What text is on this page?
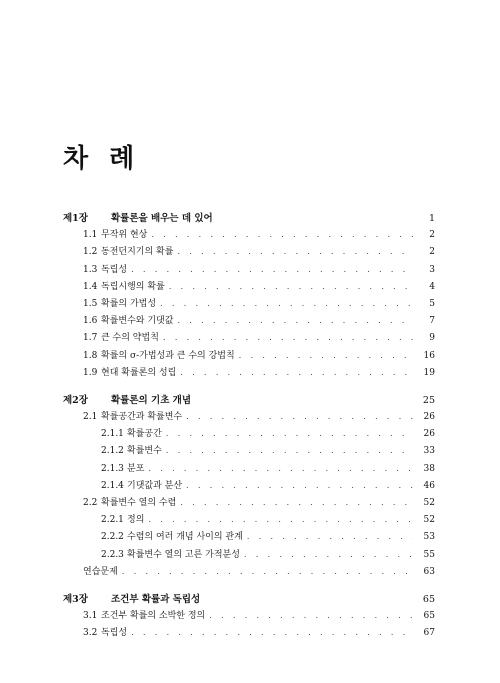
차 례
제1장	확률론을 배우는 데 있어	1
1.1 무작위 현상 . . .	2
1.2 동전던지기의 확률 . . .	2
1.3 독립성 . . .	3
1.4 독립시행의 확률 . . .	4
1.5 확률의 가법성 . . .	5
1.6 확률변수와 기댓값 . . .	7
1.7 큰 수의 약법칙 . . .	9
1.8 확률의 σ-가법성과 큰 수의 강법칙 . . .	16
1.9 현대 확률론의 성립 . . .	19
제2장	확률론의 기초 개념	25
2.1 확률공간과 확률변수 . . .	26
2.1.1 확률공간 . . .	26
2.1.2 확률변수 . . .	33
2.1.3 분포 . . .	38
2.1.4 기댓값과 분산 . . .	46
2.2 확률변수 열의 수렴 . . .	52
2.2.1 정의 . . .	52
2.2.2 수렴의 여러 개념 사이의 관계 . . .	53
2.2.3 확률변수 열의 고른 가적분성 . . .	55
연습문제 . . .	63
제3장	조건부 확률과 독립성	65
3.1 조건부 확률의 소박한 정의 . . .	65
3.2 독립성 . . .	67
